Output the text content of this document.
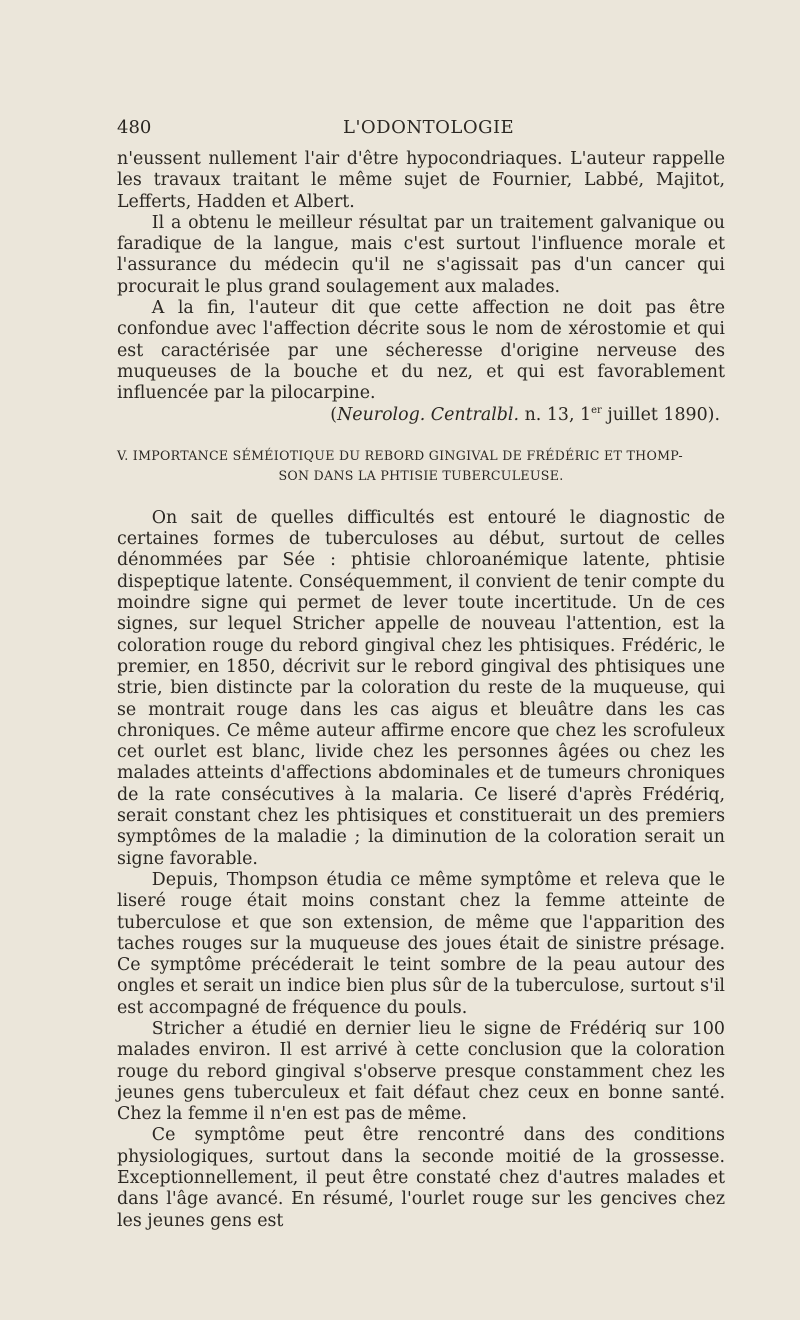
480	L'ODONTOLOGIE

n'eussent nullement l'air d'être hypocondriaques. L'auteur rappelle les travaux traitant le même sujet de Fournier, Labbé, Majitot, Lefferts, Hadden et Albert.

Il a obtenu le meilleur résultat par un traitement galvanique ou faradique de la langue, mais c'est surtout l'influence morale et l'assurance du médecin qu'il ne s'agissait pas d'un cancer qui procurait le plus grand soulagement aux malades.

A la fin, l'auteur dit que cette affection ne doit pas être confondue avec l'affection décrite sous le nom de xérostomie et qui est caractérisée par une sécheresse d'origine nerveuse des muqueuses de la bouche et du nez, et qui est favorablement influencée par la pilocarpine.

(Neurolog. Centralbl. n. 13, 1er juillet 1890).
V. IMPORTANCE SÉMÉIOTIQUE DU REBORD GINGIVAL DE FRÉDÉRIC ET THOMP-
SON DANS LA PHTISIE TUBERCULEUSE.

On sait de quelles difficultés est entouré le diagnostic de certaines formes de tuberculoses au début, surtout de celles dénommées par Sée : phtisie chloroanémique latente, phtisie dispeptique latente. Conséquemment, il convient de tenir compte du moindre signe qui permet de lever toute incertitude. Un de ces signes, sur lequel Stricher appelle de nouveau l'attention, est la coloration rouge du rebord gingival chez les phtisiques. Frédéric, le premier, en 1850, décrivit sur le rebord gingival des phtisiques une strie, bien distincte par la coloration du reste de la muqueuse, qui se montrait rouge dans les cas aigus et bleuâtre dans les cas chroniques. Ce même auteur affirme encore que chez les scrofuleux cet ourlet est blanc, livide chez les personnes âgées ou chez les malades atteints d'affections abdominales et de tumeurs chroniques de la rate consécutives à la malaria. Ce liseré d'après Frédériq, serait constant chez les phtisiques et constituerait un des premiers symptômes de la maladie ; la diminution de la coloration serait un signe favorable.

Depuis, Thompson étudia ce même symptôme et releva que le liseré rouge était moins constant chez la femme atteinte de tuberculose et que son extension, de même que l'apparition des taches rouges sur la muqueuse des joues était de sinistre présage. Ce symptôme précéderait le teint sombre de la peau autour des ongles et serait un indice bien plus sûr de la tuberculose, surtout s'il est accompagné de fréquence du pouls.

Stricher a étudié en dernier lieu le signe de Frédériq sur 100 malades environ. Il est arrivé à cette conclusion que la coloration rouge du rebord gingival s'observe presque constamment chez les jeunes gens tuberculeux et fait défaut chez ceux en bonne santé. Chez la femme il n'en est pas de même.

Ce symptôme peut être rencontré dans des conditions physiologiques, surtout dans la seconde moitié de la grossesse. Exceptionnellement, il peut être constaté chez d'autres malades et dans l'âge avancé. En résumé, l'ourlet rouge sur les gencives chez les jeunes gens est
